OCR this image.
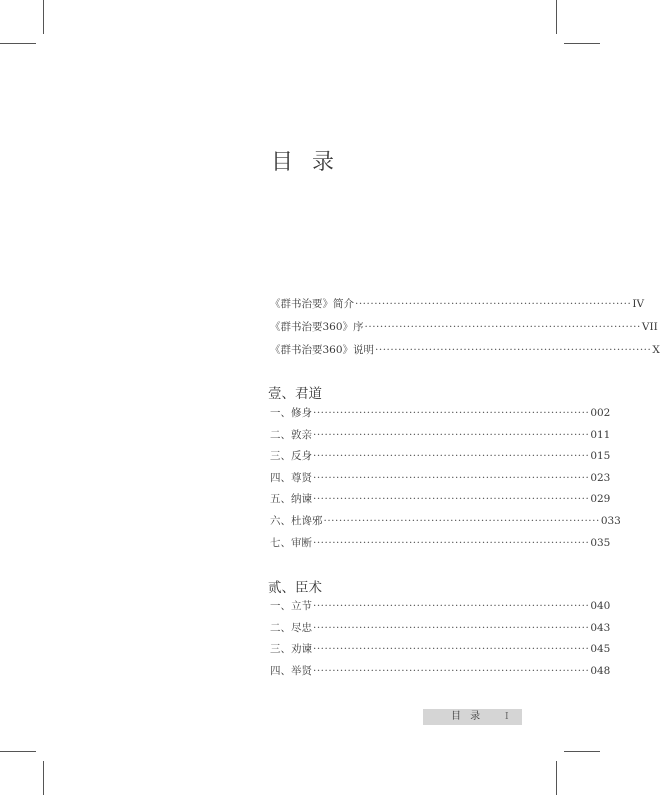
目 录
《群书治要》简介 ········································································ IV
《群书治要360》序 ········································································ VII
《群书治要360》说明 ········································································ X
壹、君道
一、修身 ········································································ 002
二、敦亲 ········································································ 011
三、反身 ········································································ 015
四、尊贤 ········································································ 023
五、纳谏 ········································································ 029
六、杜谗邪 ········································································ 033
七、审断 ········································································ 035
贰、臣术
一、立节 ········································································ 040
二、尽忠 ········································································ 043
三、劝谏 ········································································ 045
四、举贤 ········································································ 048
目 录 I
